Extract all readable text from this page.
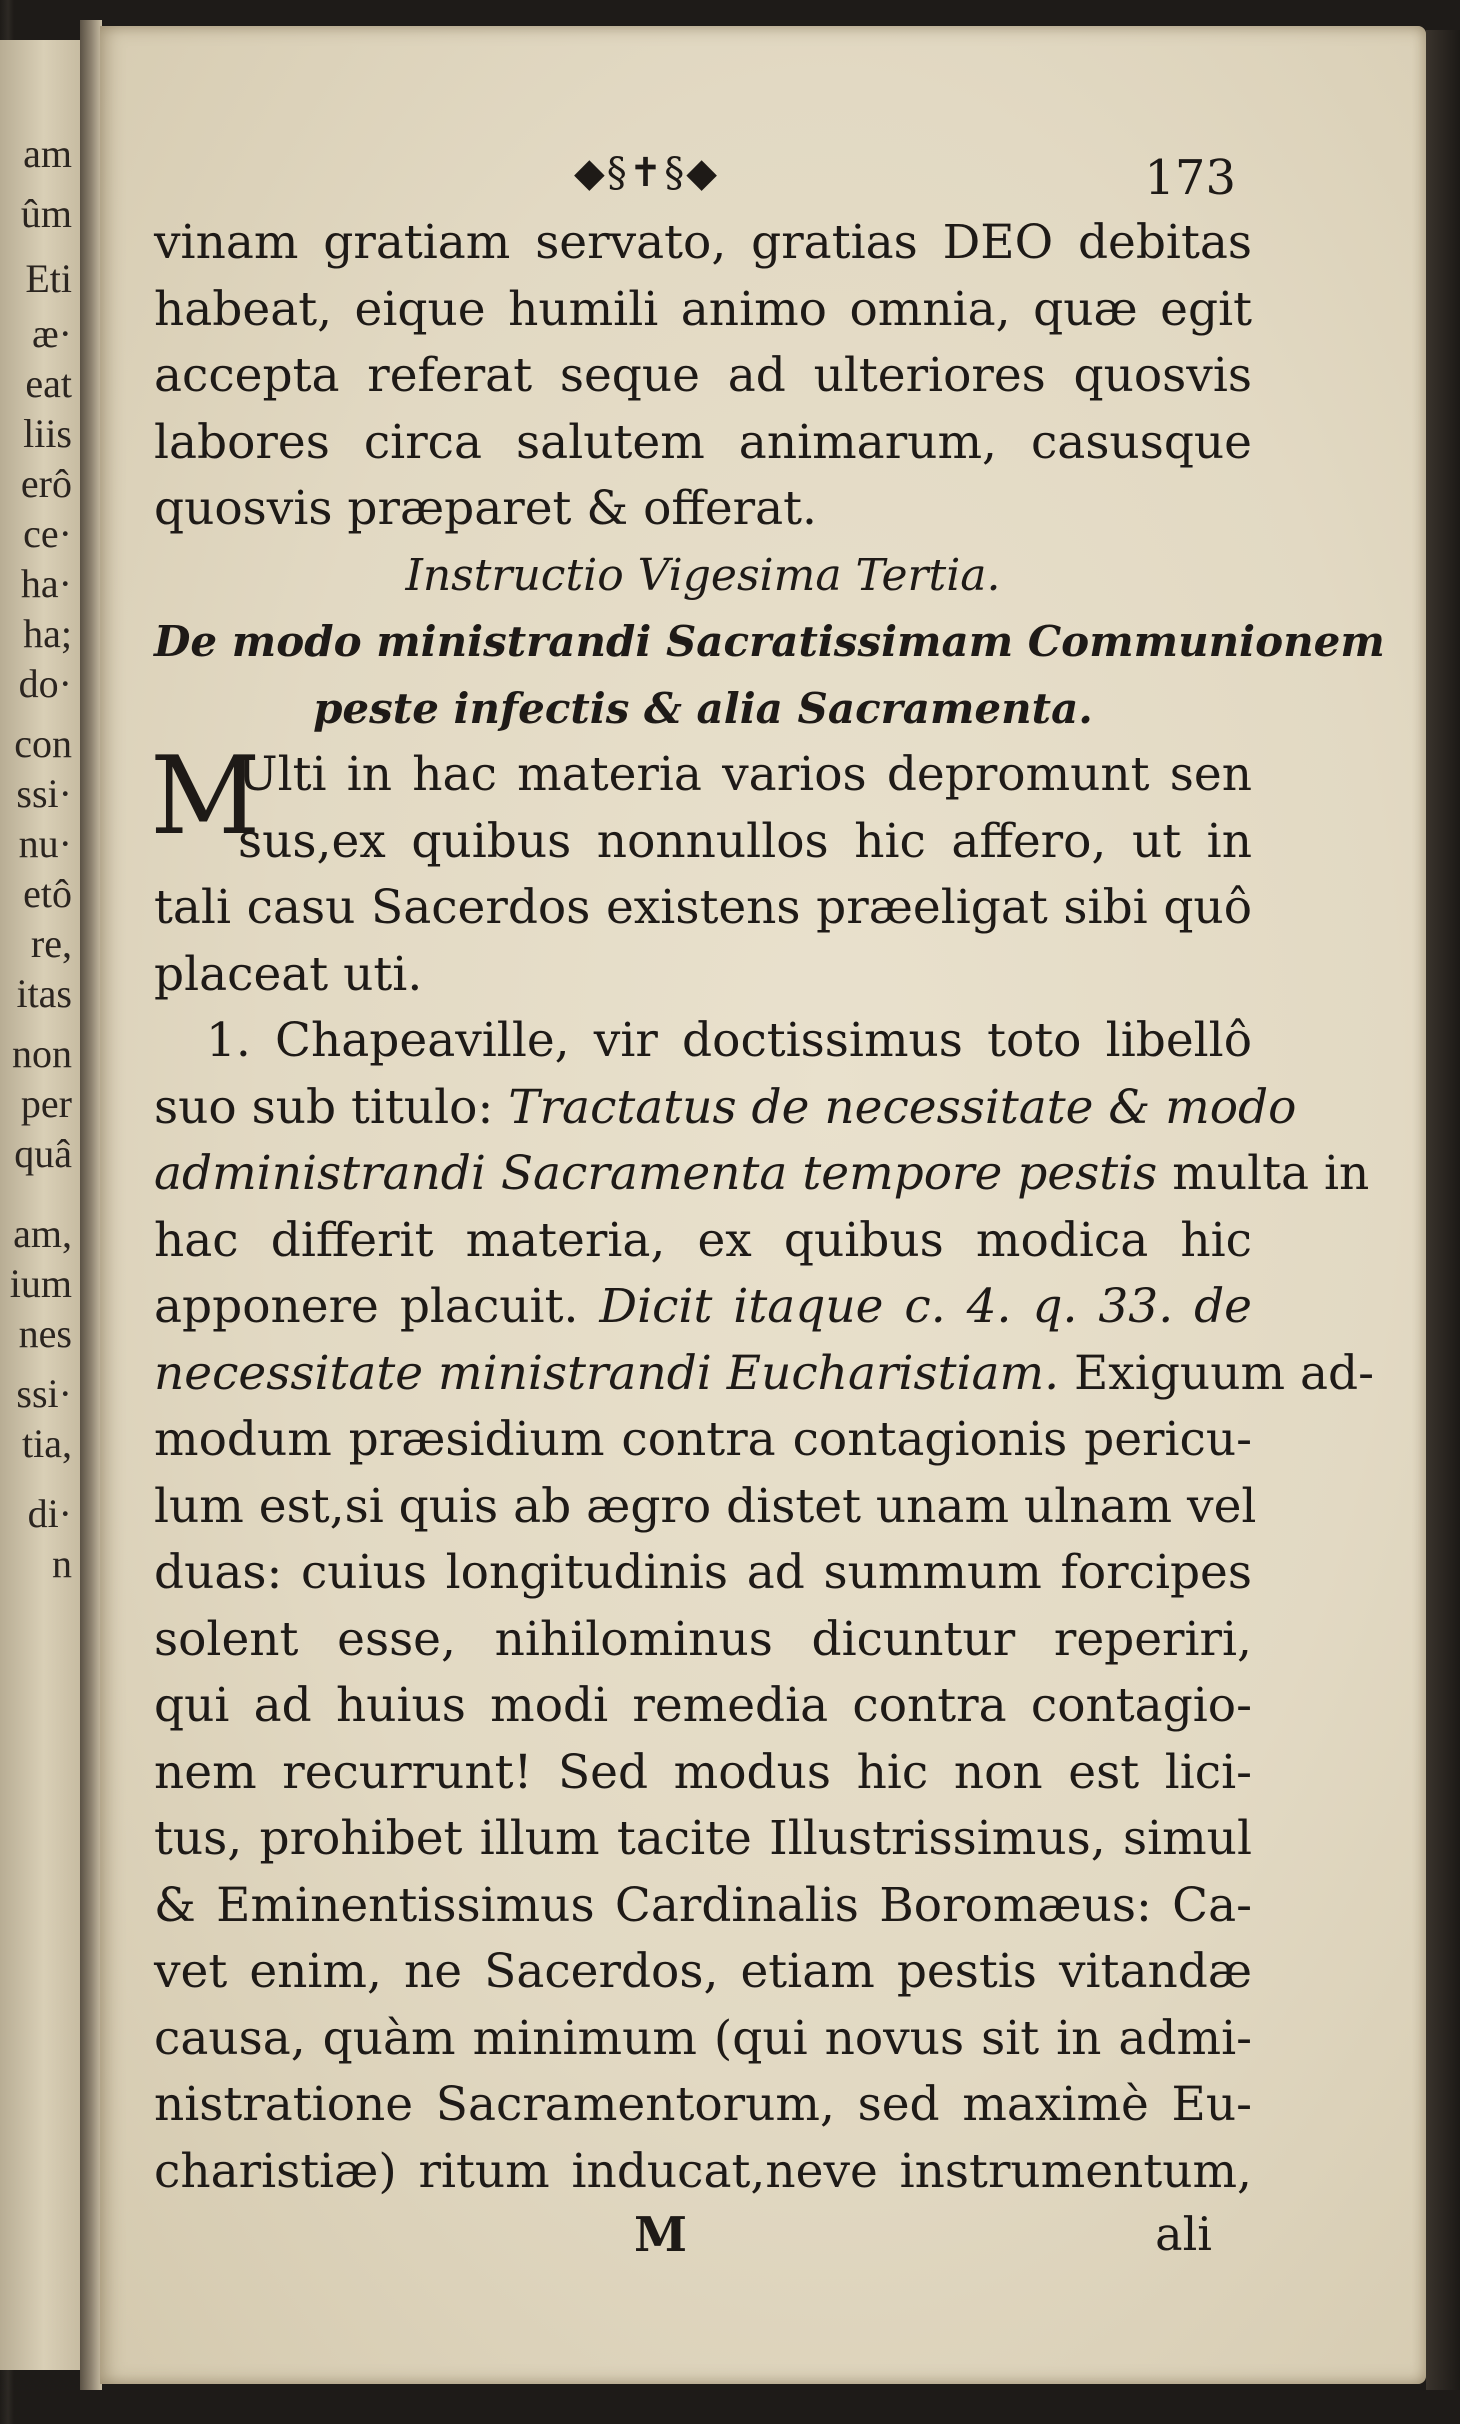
am
ûm
Eti
æ·
eat
liis
erô
ce·
ha·
ha;
do·
con
ssi·
nu·
etô
re,
itas
non
per
quâ
am,
ium
nes
ssi·
tia,
di·
n
◆§✝§◆	173
vinam gratiam servato, gratias DEO debitas
habeat, eique humili animo omnia, quæ egit
accepta referat seque ad ulteriores quosvis
labores circa salutem animarum, casusque
quosvis præparet & offerat.
Instructio Vigesima Tertia.
De modo ministrandi Sacratissimam Communionem
peste infectis & alia Sacramenta.
M
Ulti in hac materia varios depromunt sen
sus,ex quibus nonnullos hic affero, ut in
tali casu Sacerdos existens præeligat sibi quô
placeat uti.
1. Chapeaville, vir doctissimus toto libellô
suo sub titulo: Tractatus de necessitate & modo
administrandi Sacramenta tempore pestis multa in
hac differit materia, ex quibus modica hic
apponere placuit. Dicit itaque c. 4. q. 33. de
necessitate ministrandi Eucharistiam. Exiguum ad-
modum præsidium contra contagionis pericu-
lum est,si quis ab ægro distet unam ulnam vel
duas: cuius longitudinis ad summum forcipes
solent esse, nihilominus dicuntur reperiri,
qui ad huius modi remedia contra contagio-
nem recurrunt! Sed modus hic non est lici-
tus, prohibet illum tacite Illustrissimus, simul
& Eminentissimus Cardinalis Boromæus: Ca-
vet enim, ne Sacerdos, etiam pestis vitandæ
causa, quàm minimum (qui novus sit in admi-
nistratione Sacramentorum, sed maximè Eu-
charistiæ) ritum inducat,neve instrumentum,
M	ali
